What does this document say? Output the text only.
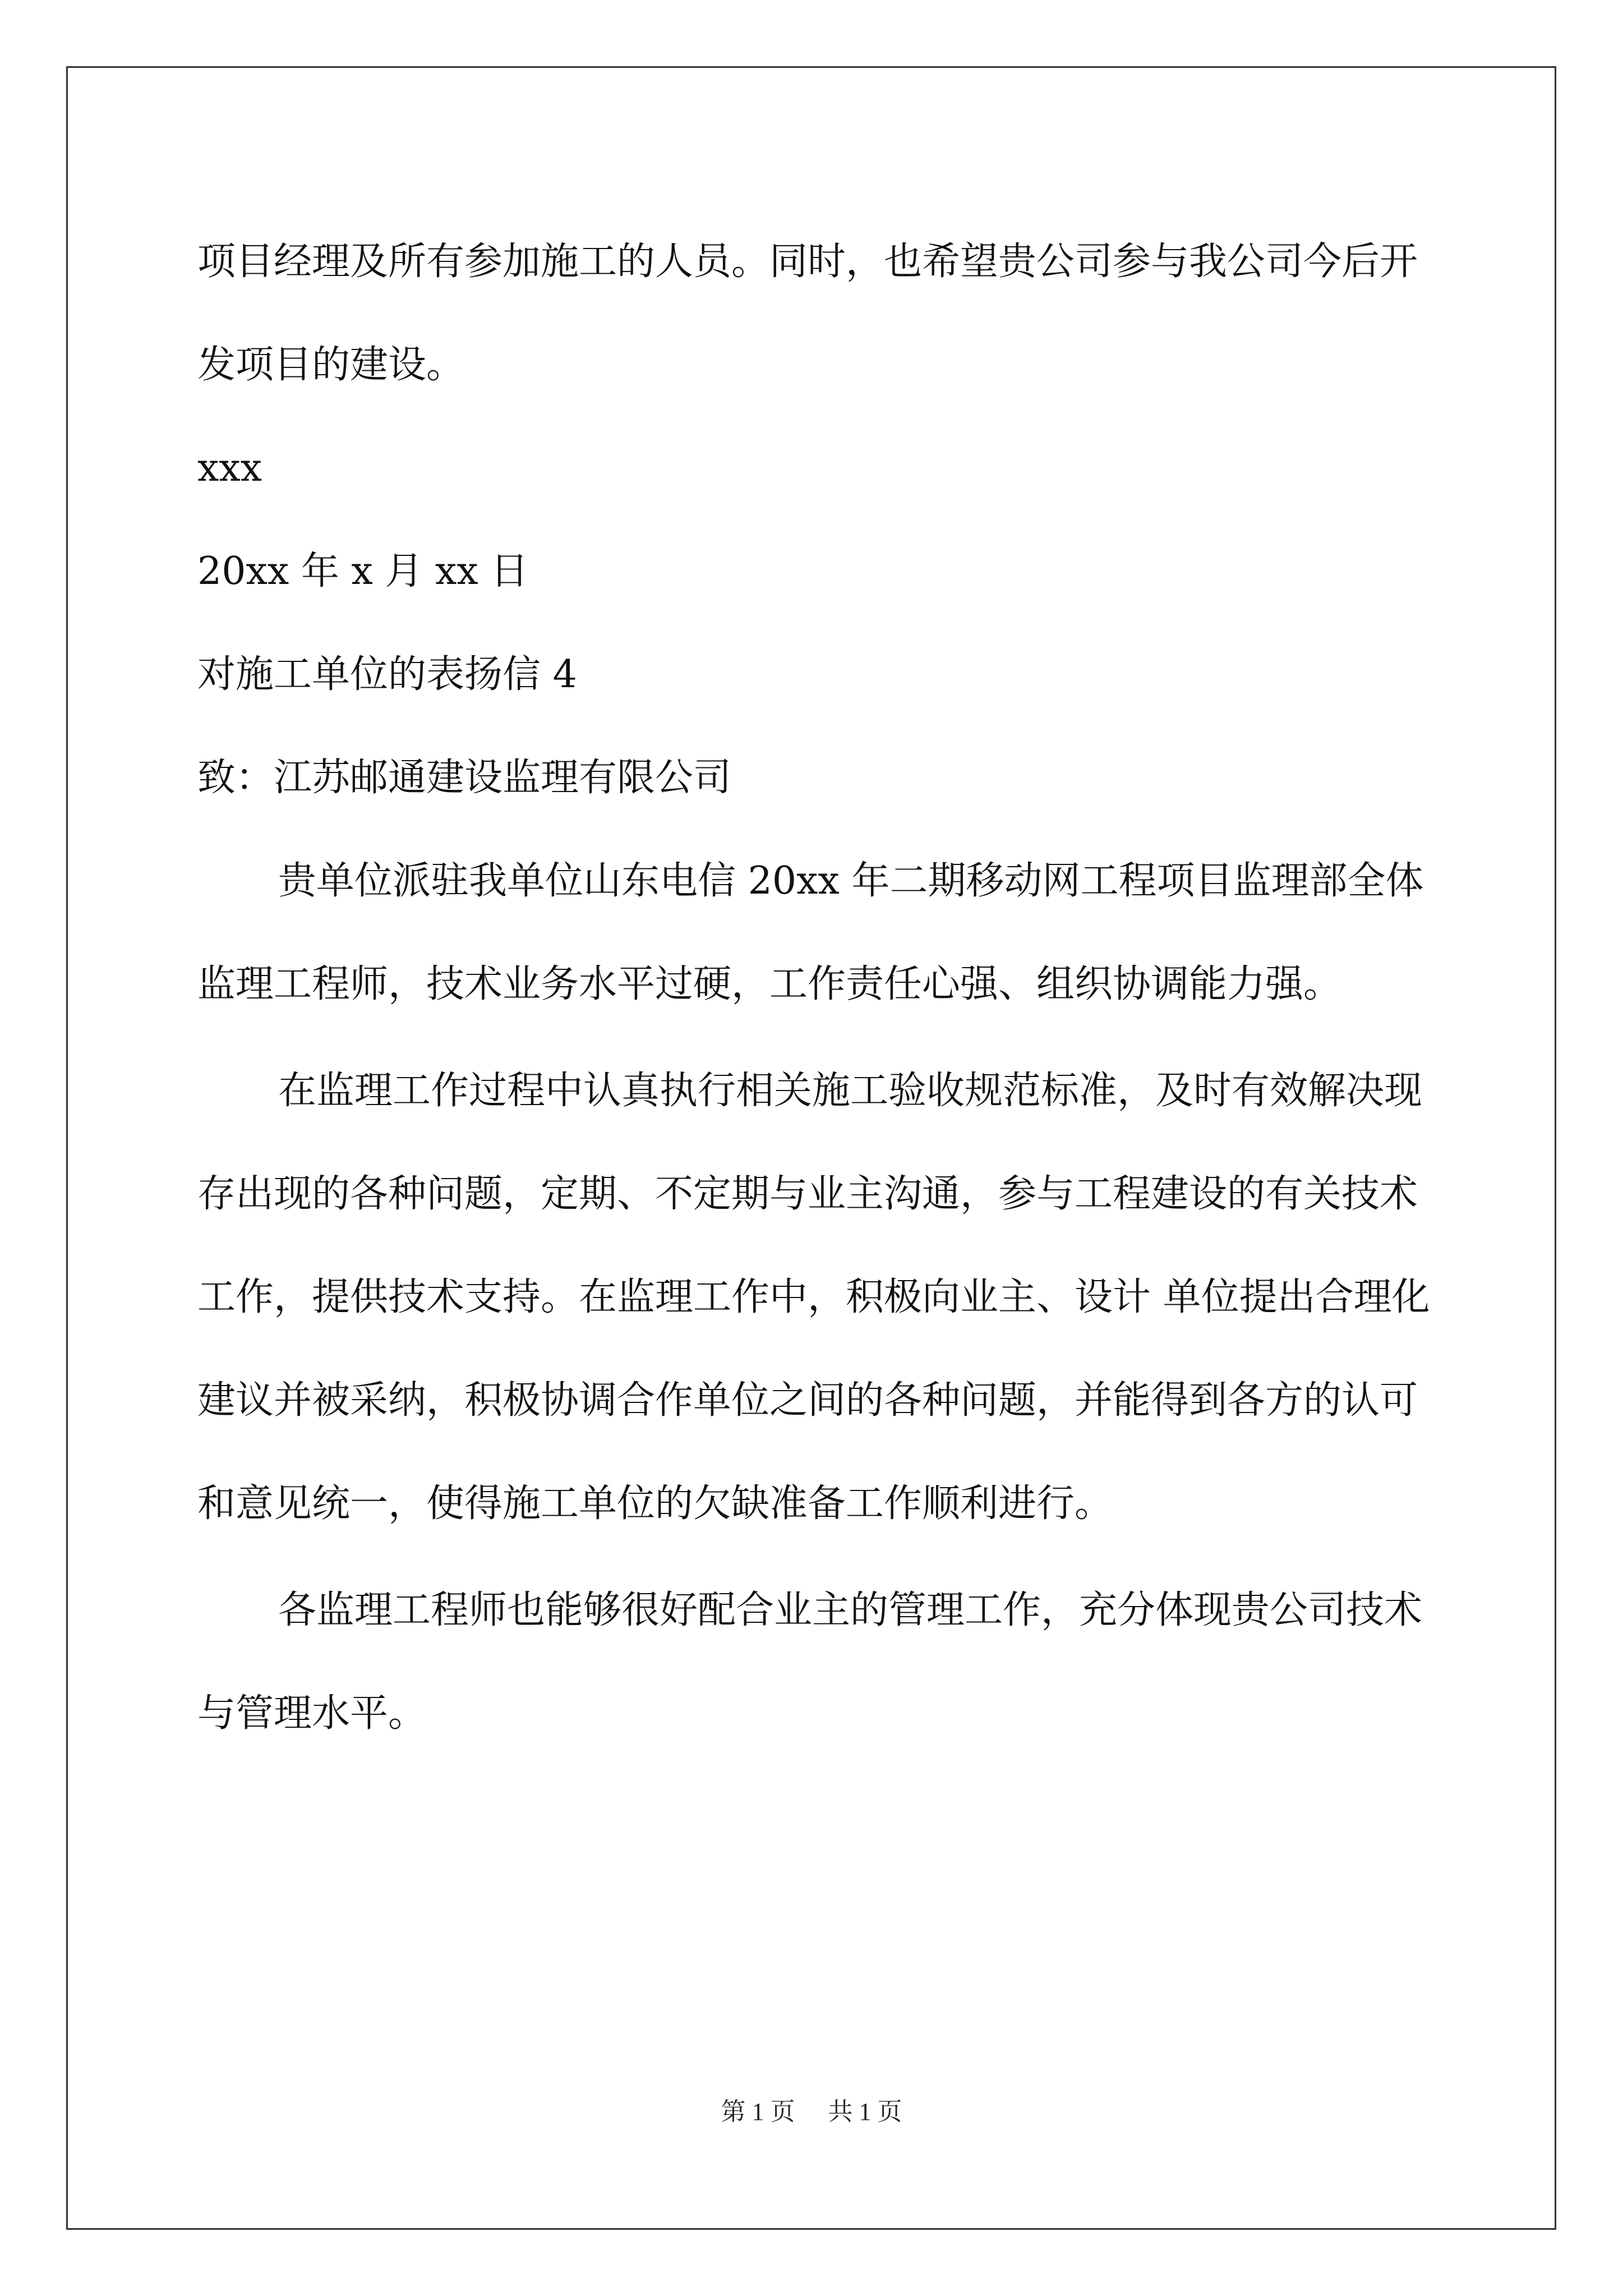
项目经理及所有参加施工的人员。同时，也希望贵公司参与我公司今后开发项目的建设。

xxx

20xx 年 x 月 xx 日

对施工单位的表扬信 4

致：江苏邮通建设监理有限公司

贵单位派驻我单位山东电信 20xx 年二期移动网工程项目监理部全体监理工程师，技术业务水平过硬，工作责任心强、组织协调能力强。

在监理工作过程中认真执行相关施工验收规范标准，及时有效解决现存出现的各种问题，定期、不定期与业主沟通，参与工程建设的有关技术工作，提供技术支持。在监理工作中，积极向业主、设计 单位提出合理化建议并被采纳，积极协调合作单位之间的各种问题，并能得到各方的认可和意见统一，使得施工单位的欠缺准备工作顺利进行。

各监理工程师也能够很好配合业主的管理工作，充分体现贵公司技术与管理水平。

第 1 页 共 1 页
